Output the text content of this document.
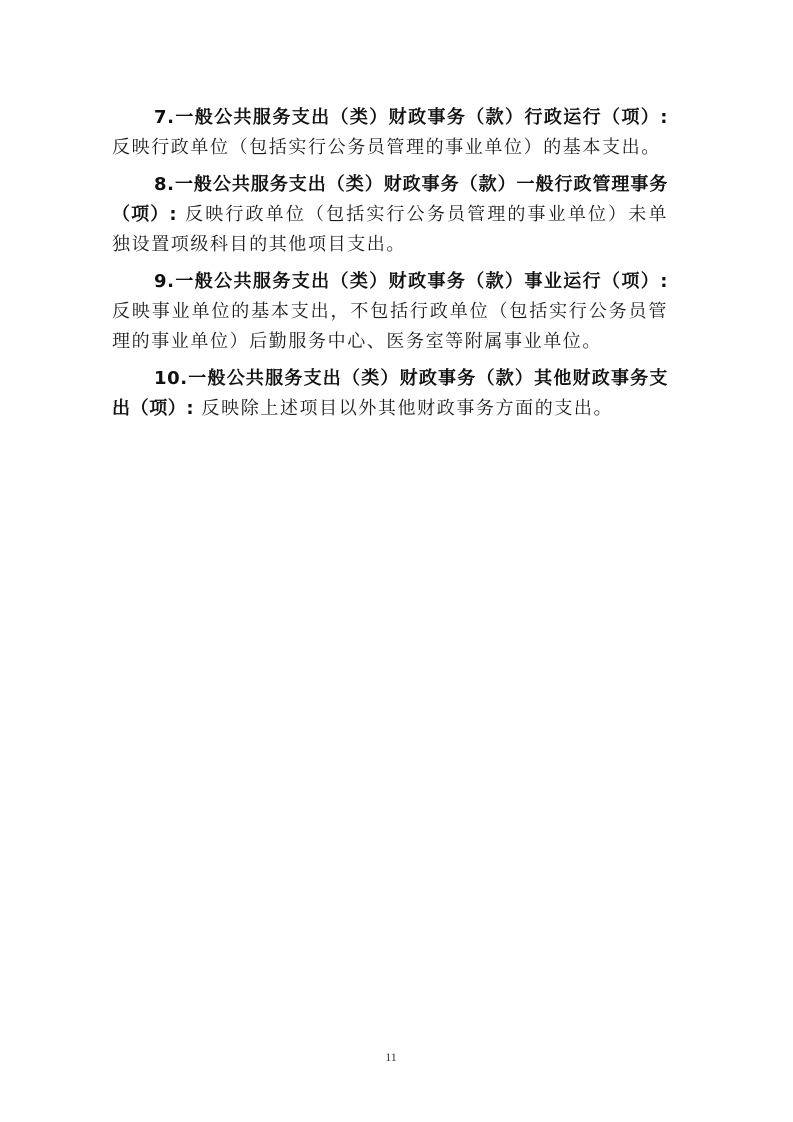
7.一般公共服务支出（类）财政事务（款）行政运行（项）: 反映行政单位（包括实行公务员管理的事业单位）的基本支出。

8.一般公共服务支出（类）财政事务（款）一般行政管理事务（项）: 反映行政单位（包括实行公务员管理的事业单位）未单独设置项级科目的其他项目支出。

9.一般公共服务支出（类）财政事务（款）事业运行（项）: 反映事业单位的基本支出，不包括行政单位（包括实行公务员管理的事业单位）后勤服务中心、医务室等附属事业单位。

10.一般公共服务支出（类）财政事务（款）其他财政事务支出（项）: 反映除上述项目以外其他财政事务方面的支出。

11
